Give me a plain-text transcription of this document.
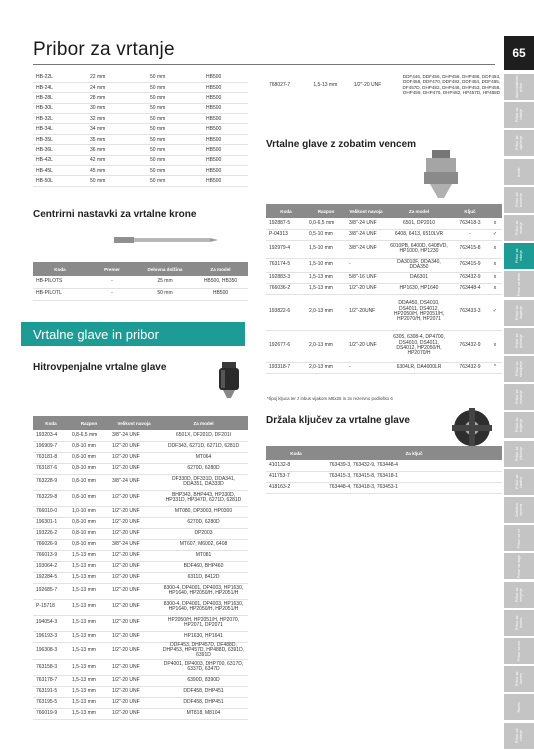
Pribor za vrtanje	65
Akumulatorski pribor
Pribor za vrtanje
Pribor za vijačenje
Svedri
Pribor za brušenje
Pribor za rezanje
Pribor za vrtanje
Pribor za dleta
Pribor za žaganje
Pribor za poliranje
Pribor za skobljanje
Pribor za rezkanje
Pribor za lepljenje
Pribor za čiščenje
Pribor za kladivo
Zaščitna oprema
Pribor za vrt
Pribor za žage
Pribor za merjenje
Pribor za kovino
Pribor za les
Pribor za kamen
Razno
Pribor za vrtanje
HB-22L	22 mm	50 mm	HB500
HB-24L	24 mm	50 mm	HB500
HB-28L	28 mm	50 mm	HB500
HB-30L	30 mm	50 mm	HB500
HB-32L	32 mm	50 mm	HB500
HB-34L	34 mm	50 mm	HB500
HB-35L	35 mm	50 mm	HB500
HB-36L	36 mm	50 mm	HB500
HB-42L	42 mm	50 mm	HB500
HB-45L	45 mm	50 mm	HB500
HB-50L	50 mm	50 mm	HB500
768027-7	1,5-13 mm	1/2"-20 UNF	DDF446, DDF456, DHP456, DHP486, DDF453, DDF458, DDF470, DDF482, DDF484, DDF485, DF457D, DHP482, DHP446, DHP453, DHP458, DHP459, DHP470, DHP482, HP457D, HP488D
Centrirni nastavki za vrtalne krone
Koda	Premer	Delovna dolžina	Za model
HB-PILOTS	-	25 mm	HB500, HB350
HB-PILOTL	-	50 mm	HB500
Vrtalne glave in pribor
Hitrovpenjalne vrtalne glave
Koda	Razpon	Velikost navoja	Za model
193203-4	0,8-6,5 mm	3/8"-24 UNF	6501X, DF201D, DF201I
196909-7	0,8-10 mm	1/2"-20 UNF	DDF343, 6271D, 6271D, 6281D
763181-8	0,8-10 mm	1/2"-20 UNF	MT064
763187-6	0,8-10 mm	1/2"-20 UNF	6270D, 6280D
763228-9	0,8-10 mm	3/8"-24 UNF	DF330D, DF331D, DDA341, DDA351, DA333D
763229-8	0,8-10 mm	1/2"-20 UNF	BHP343, BHP443, HP330D, HP331D, HP347D, 6271D, 6281D
766010-0	1,0-10 mm	1/2"-20 UNF	MT080, DP3003, HP0300
196301-1	0,8-10 mm	1/2"-20 UNF	6270D, 6280D
193226-2	0,8-10 mm	1/2"-20 UNF	DP2003
766026-9	0,8-10 mm	3/8"-24 UNF	MT607, M6002, 6408
766013-9	1,5-13 mm	1/2"-20 UNF	MT081
193064-2	1,5-13 mm	1/2"-20 UNF	BDF460, BHP460
192284-5	1,5-13 mm	1/2"-20 UNF	6311D, 8412D
192685-7	1,5-13 mm	1/2"-20 UNF	8300-4, DP4001, DP4003, HP1630, HP1640, HP2050/H, HP2051/H
P-15718	1,5-13 mm	1/2"-20 UNF	8300-4, DP4001, DP4003, HP1630, HP1640, HP2050/H, HP2051/H
194054-3	1,5-13 mm	1/2"-20 UNF	HP2050/H, HP2051/H, HP2070, HP2071, DP2071
196193-3	1,5-13 mm	1/2"-20 UNF	HP1630, HP1641
196308-3	1,5-13 mm	1/2"-20 UNF	DDF453, DHP457D, DF488D, DHP453, HP457D, HP488D, 6391D, 6391D
763158-3	1,5-13 mm	1/2"-20 UNF	DP4001, DP4003, DHP700, 6317D, 6337D, 6347D
763178-7	1,5-13 mm	1/2"-20 UNF	6390D, 8390D
763191-5	1,5-13 mm	1/2"-20 UNF	DDF458, DHP451
763195-5	1,5-13 mm	1/2"-20 UNF	DDF458, DHP451
766019-9	1,5-13 mm	1/2"-20 UNF	MT818, M8104
Vrtalne glave z zobatim vencem
Koda	Razpon	Velikost navoja	Za model	Ključ	
192887-5	0,0-6,5 mm	3/8"-24 UNF	6501, DP2010	763418-3	x
P-04313	0,5-10 mm	3/8"-24 UNF	6408, 6413, 6510LVR	-	✓
192979-4	1,5-10 mm	3/8"-24 UNF	6010PB, 6400D, 6408VD, HP1000, HP1230	763415-8	x
763174-5	1,5-10 mm	-	DA3010F, DDA340, DDA350	763415-9	x
192883-3	1,5-13 mm	5/8"-16 UNF	DA6301	763432-9	x
766036-2	1,5-13 mm	1/2"-20 UNF	HP1630, HP1640	763448-4	x
193822-6	2,0-13 mm	1/2"-20UNF	DDA450, DS4010, DS4011, DS4012, HP2050/H, HP2051/H, HP2070/H, HP2071	763433-3	✓
192677-6	2,0-13 mm	1/2"-20 UNF	6305, 6308-4, DP4700, DS4010, DS4011, DS4012, HP2050/H, HP2070/H	763432-9	x
193318-7	2,0-13 mm	-	6304LR, DA4000LR	763432-9	*
*број kljuca ter z inbus vijakom M6x25 in 2x rezervno podloško 6
Držala ključev za vrtalne glave
Koda	Za ključ
410132-8	763439-3, 763432-9, 763448-4
411753-7	763415-3, 763415-8, 763418-1
418163-2	763448-4, 763418-3, 763453-1
